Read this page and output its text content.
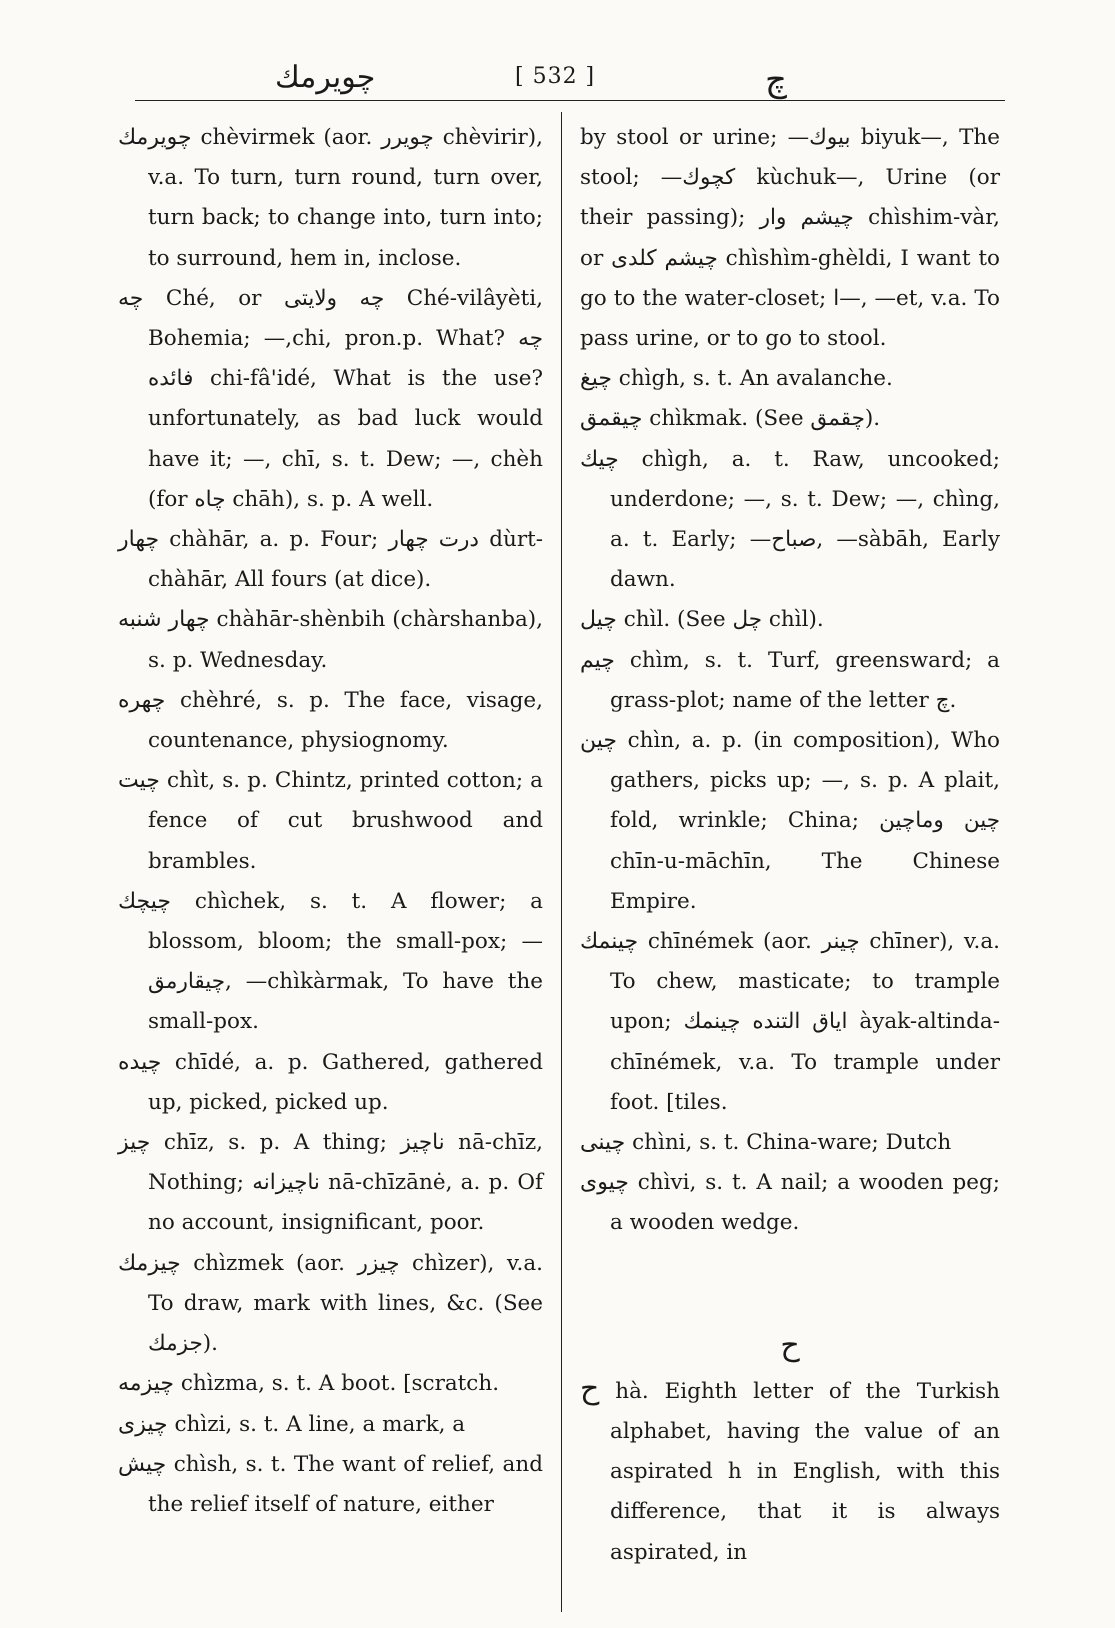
چويرمك	[ 532 ]	چ
چويرمك chèvirmek (aor. چويرر chèvirir), v.a. To turn, turn round, turn over, turn back; to change into, turn into; to surround, hem in, inclose.
چه Ché, or چه ولايتى Ché-vilâyèti, Bohemia; —,chi, pron.p. What? چه فائده chi-fâ'idé, What is the use? unfortunately, as bad luck would have it; —, chī, s. t. Dew; —, chèh (for چاه chāh), s. p. A well.
چهار chàhār, a. p. Four; درت چهار dùrt-chàhār, All fours (at dice).
چهار شنبه chàhār-shènbih (chàrshanba), s. p. Wednesday.
چهره chèhré, s. p. The face, visage, countenance, physiognomy.
چيت chìt, s. p. Chintz, printed cotton; a fence of cut brushwood and brambles.
چيچك chìchek, s. t. A flower; a blossom, bloom; the small-pox; —چيقارمق, —chìkàrmak, To have the small-pox.
چيده chīdé, a. p. Gathered, gathered up, picked, picked up.
چيز chīz, s. p. A thing; ناچيز nā-chīz, Nothing; ناچيزانه nā-chīzānė, a. p. Of no account, insignificant, poor.
چيزمك chìzmek (aor. چيزر chìzer), v.a. To draw, mark with lines, &c. (See جزمك).
چيزمه chìzma, s. t. A boot. [scratch.
چيزى chìzi, s. t. A line, a mark, a
چيش chìsh, s. t. The want of relief, and the relief itself of nature, either
by stool or urine; —بيوك biyuk—, The stool; —كچوك kùchuk—, Urine (or their passing); چيشم وار chìshim-vàr, or چيشم كلدى chìshìm-ghèldi, I want to go to the water-closet; ا—, —et, v.a. To pass urine, or to go to stool.
چيغ chìgh, s. t. An avalanche.
چيقمق chìkmak. (See چقمق).
چيك chìgh, a. t. Raw, uncooked; underdone; —, s. t. Dew; —, chìng, a. t. Early; —صباح, —sàbāh, Early dawn.
چيل chìl. (See چل chìl).
چيم chìm, s. t. Turf, greensward; a grass-plot; name of the letter چ.
چين chìn, a. p. (in composition), Who gathers, picks up; —, s. p. A plait, fold, wrinkle; China; چين وماچين chīn-u-māchīn, The Chinese Empire.
چينمك chīnémek (aor. چينر chīner), v.a. To chew, masticate; to trample upon; اياق التنده چينمك àyak-altinda-chīnémek, v.a. To trample under foot. [tiles.
چينى chìni, s. t. China-ware; Dutch
چيوى chìvi, s. t. A nail; a wooden peg; a wooden wedge.
ح
ح hà. Eighth letter of the Turkish alphabet, having the value of an aspirated h in English, with this difference, that it is always aspirated, in
